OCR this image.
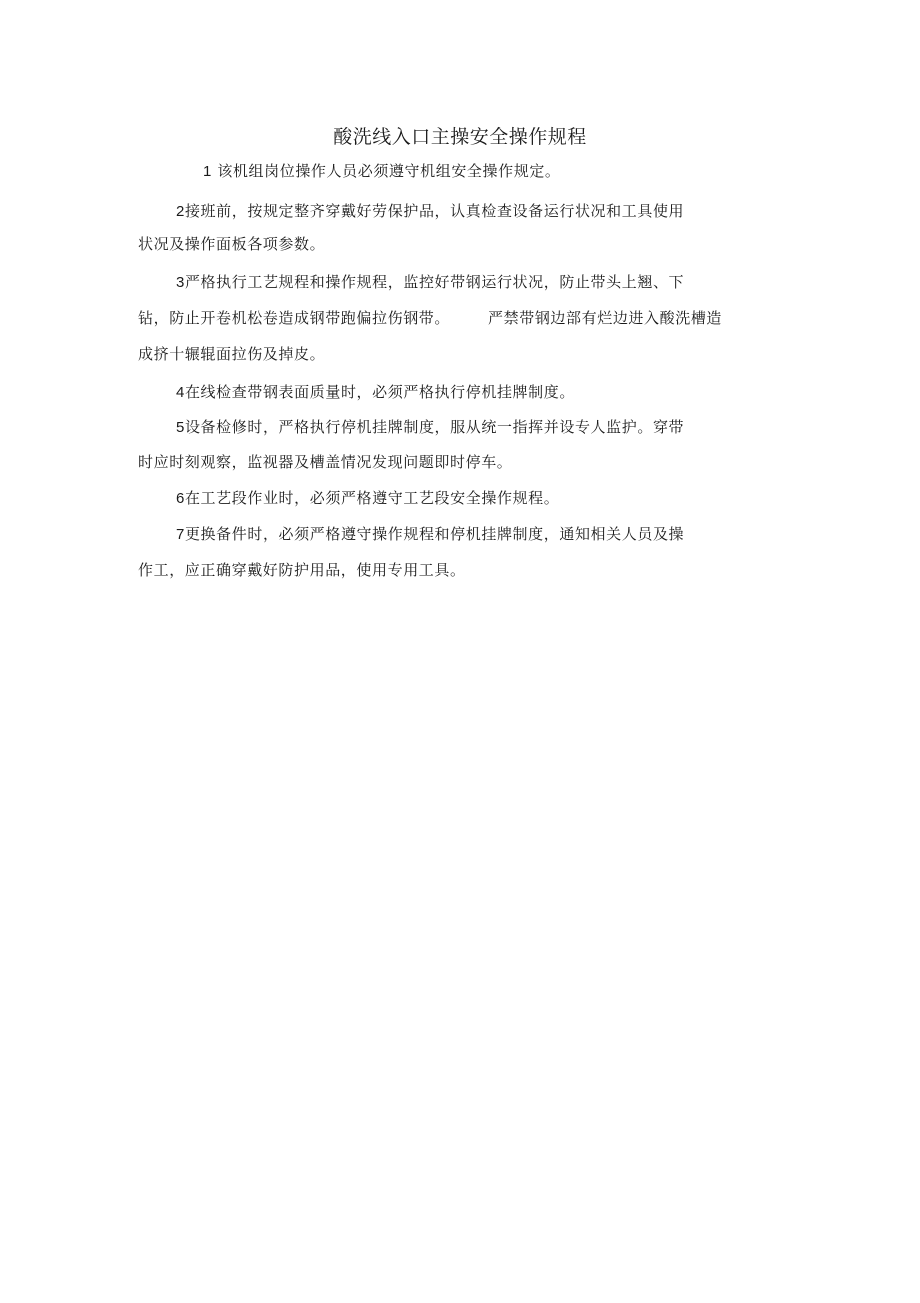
酸洗线入口主操安全操作规程
1 该机组岗位操作人员必须遵守机组安全操作规定。
2接班前，按规定整齐穿戴好劳保护品，认真检查设备运行状况和工具使用
状况及操作面板各项参数。
3严格执行工艺规程和操作规程，监控好带钢运行状况，防止带头上翘、下
钻，防止开卷机松卷造成钢带跑偏拉伤钢带。	严禁带钢边部有烂边进入酸洗槽造
成挤十辗辊面拉伤及掉皮。
4在线检查带钢表面质量时，必须严格执行停机挂牌制度。
5设备检修时，严格执行停机挂牌制度，服从统一指挥并设专人监护。穿带
时应时刻观察，监视器及槽盖情况发现问题即时停车。
6在工艺段作业时，必须严格遵守工艺段安全操作规程。
7更换备件时，必须严格遵守操作规程和停机挂牌制度，通知相关人员及操
作工，应正确穿戴好防护用品，使用专用工具。
